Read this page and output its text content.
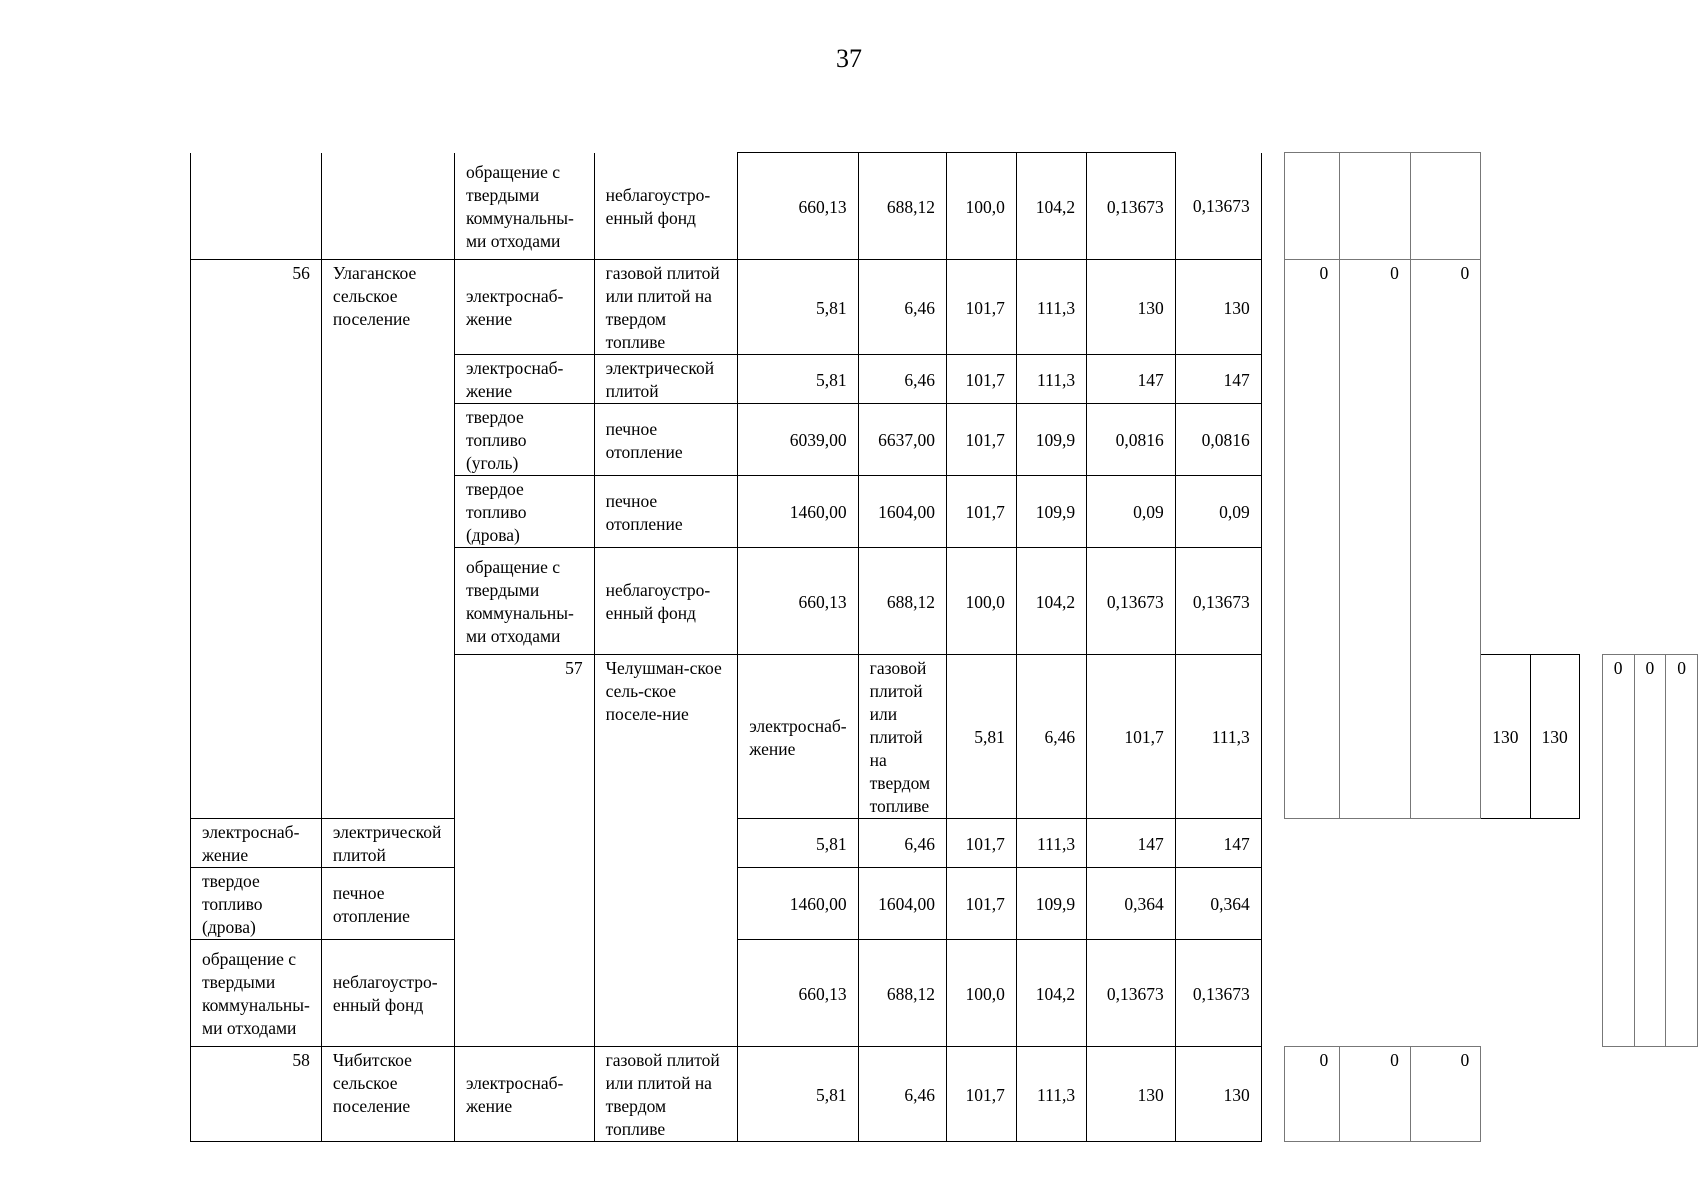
37
		обращение с твердыми коммунальны-ми отходами	неблагоустро-енный фонд	660,13	688,12	100,0	104,2	0,13673	0,13673										
56	Улаганское сельское поселение	электроснаб-жение	газовой плитой или плитой на твердом топливе	5,81	6,46	101,7	111,3	130	130		0	0	0						
		электроснаб-жение	электрической плитой	5,81	6,46	101,7	111,3	147	147										
		твердое топливо (уголь)	печное отопление	6039,00	6637,00	101,7	109,9	0,0816	0,0816										
		твердое топливо (дрова)	печное отопление	1460,00	1604,00	101,7	109,9	0,09	0,09										
		обращение с твердыми коммунальны-ми отходами	неблагоустро-енный фонд	660,13	688,12	100,0	104,2	0,13673	0,13673										
		57	Челушман-ское сель-ское поселе-ние	электроснаб-жение	газовой плитой или плитой на твердом топливе	5,81	6,46	101,7	111,3					130	130		0	0	0
электроснаб-жение	электрической плитой			5,81	6,46	101,7	111,3	147	147										
твердое топливо (дрова)	печное отопление			1460,00	1604,00	101,7	109,9	0,364	0,364										
обращение с твердыми коммунальны-ми отходами	неблагоустро-енный фонд			660,13	688,12	100,0	104,2	0,13673	0,13673										
58	Чибитское сельское поселение	электроснаб-жение	газовой плитой или плитой на твердом топливе	5,81	6,46	101,7	111,3	130	130		0	0	0						
